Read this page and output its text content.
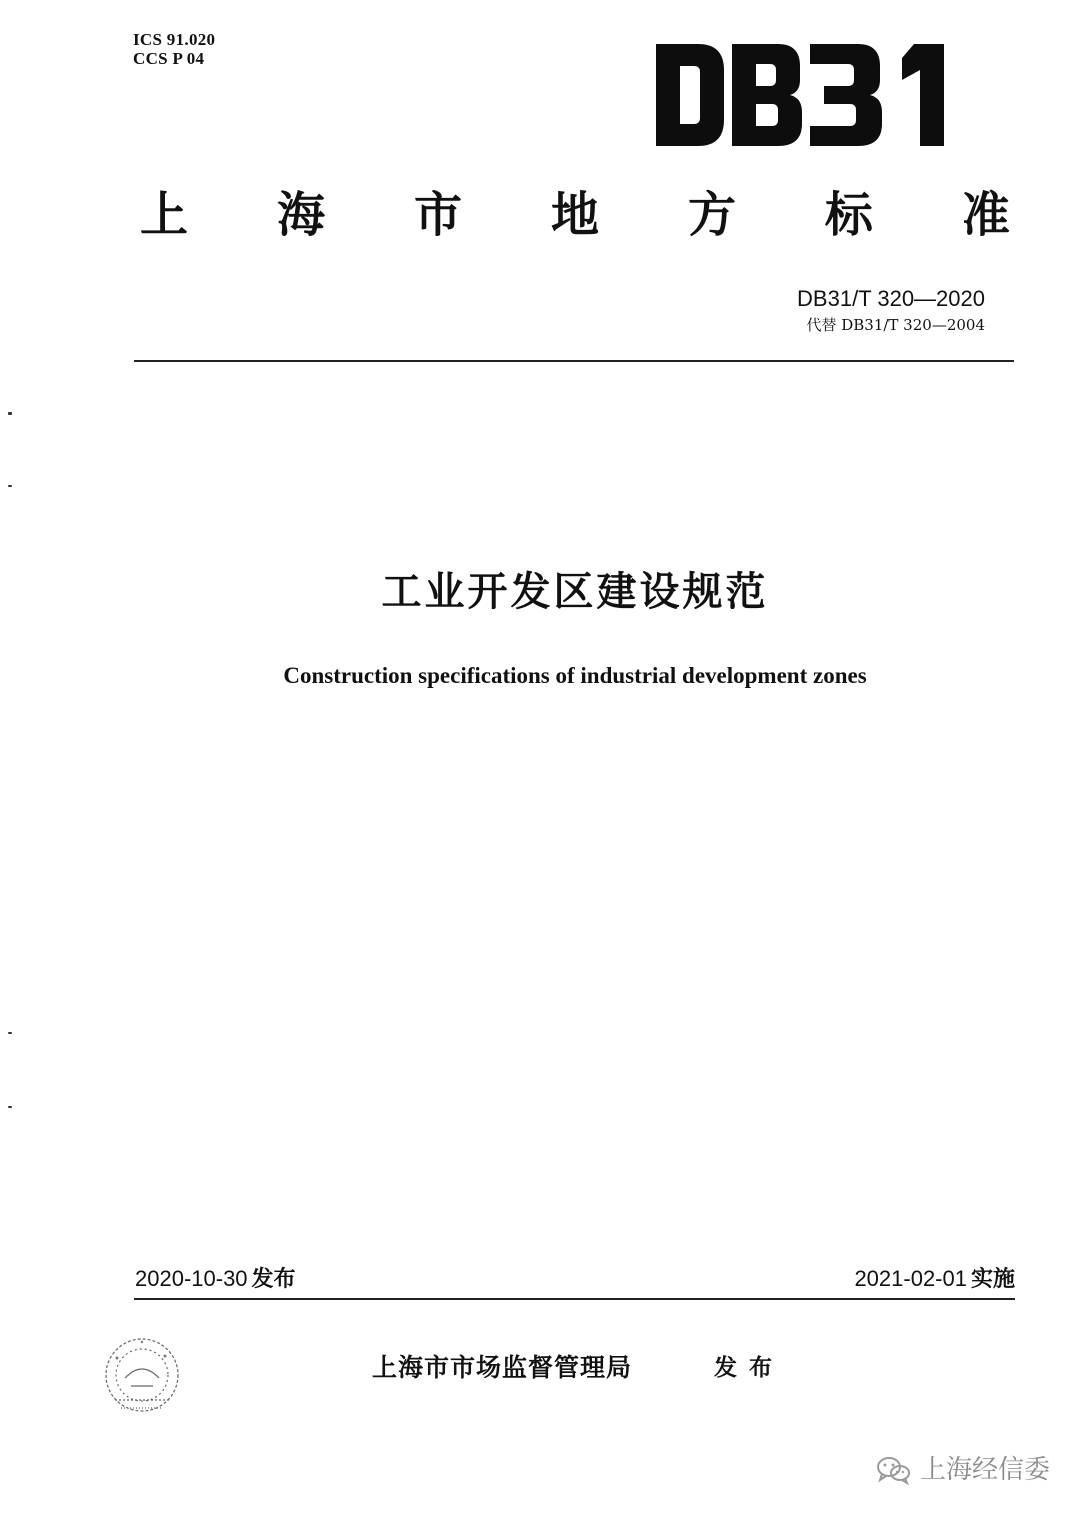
ICS 91.020
CCS P 04
上 海 市 地 方 标 准
DB31/T 320—2020
代替 DB31/T 320—2004
工业开发区建设规范
Construction specifications of industrial development zones
2020-10-30 发布	2021-02-01 实施
上海市市场监督管理局	发布
上海经信委
